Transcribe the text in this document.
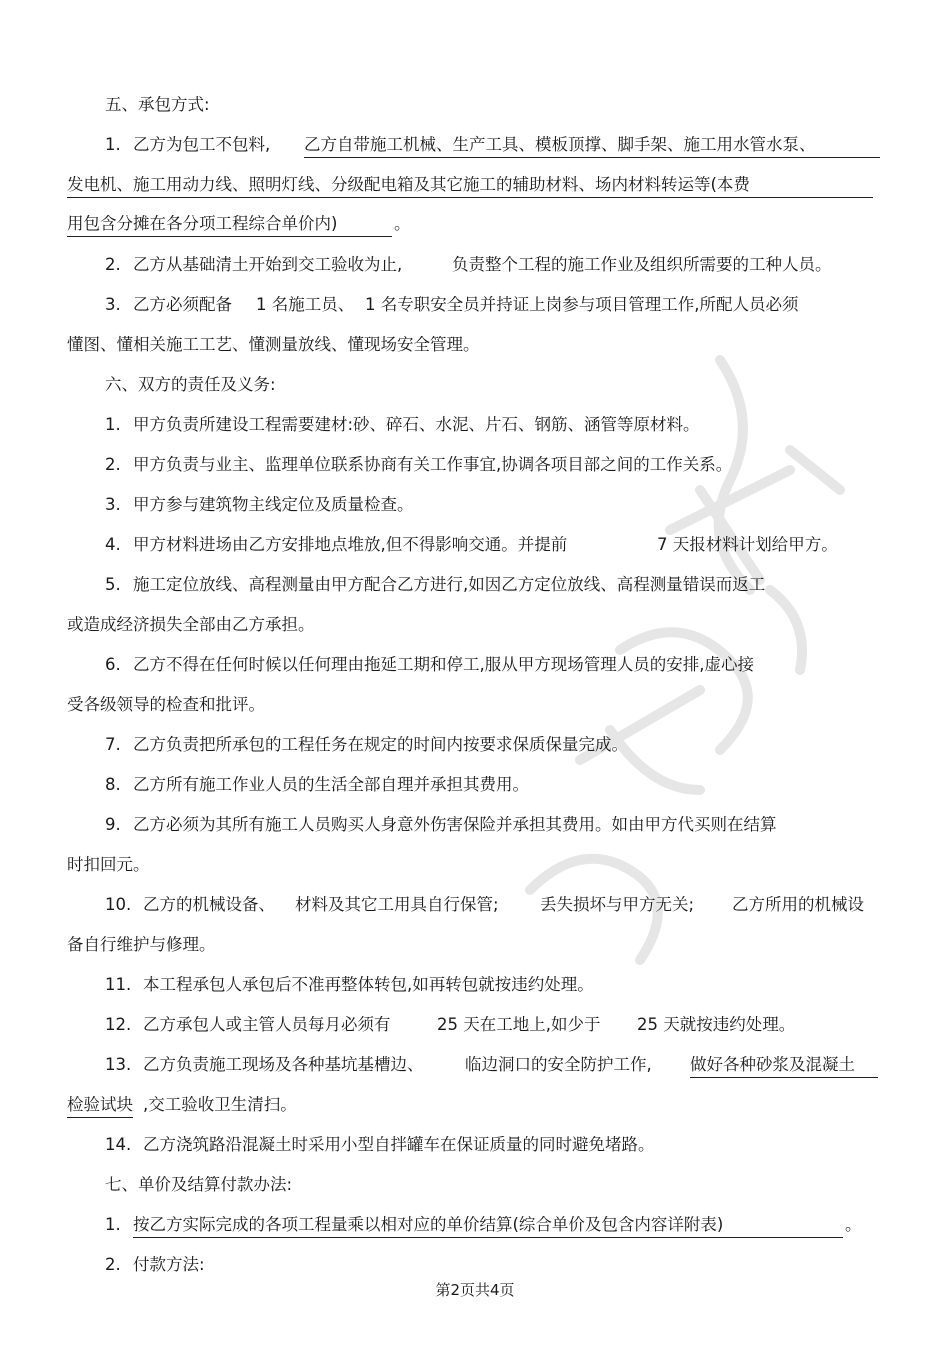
五、承包方式:
1. 乙方为包工不包料, 乙方自带施工机械、生产工具、模板顶撑、脚手架、施工用水管水泵、
发电机、施工用动力线、照明灯线、分级配电箱及其它施工的辅助材料、场内材料转运等(本费
用包含分摊在各分项工程综合单价内)	。
2. 乙方从基础清土开始到交工验收为止,	负责整个工程的施工作业及组织所需要的工种人员。
3. 乙方必须配备 1 名施工员、 1 名专职安全员并持证上岗参与项目管理工作,所配人员必须
懂图、懂相关施工工艺、懂测量放线、懂现场安全管理。
六、双方的责任及义务:
1. 甲方负责所建设工程需要建材:砂、碎石、水泥、片石、钢筋、涵管等原材料。
2. 甲方负责与业主、监理单位联系协商有关工作事宜,协调各项目部之间的工作关系。
3. 甲方参与建筑物主线定位及质量检查。
4. 甲方材料进场由乙方安排地点堆放,但不得影响交通。并提前	7 天报材料计划给甲方。
5. 施工定位放线、高程测量由甲方配合乙方进行,如因乙方定位放线、高程测量错误而返工
或造成经济损失全部由乙方承担。
6. 乙方不得在任何时候以任何理由拖延工期和停工,服从甲方现场管理人员的安排,虚心接
受各级领导的检查和批评。
7. 乙方负责把所承包的工程任务在规定的时间内按要求保质保量完成。
8. 乙方所有施工作业人员的生活全部自理并承担其费用。
9. 乙方必须为其所有施工人员购买人身意外伤害保险并承担其费用。如由甲方代买则在结算
时扣回元。
10. 乙方的机械设备、 材料及其它工用具自行保管;	丢失损坏与甲方无关; 乙方所用的机械设
备自行维护与修理。
11. 本工程承包人承包后不准再整体转包,如再转包就按违约处理。
12. 乙方承包人或主管人员每月必须有	25 天在工地上,如少于 25 天就按违约处理。
13. 乙方负责施工现场及各种基坑基槽边、	临边洞口的安全防护工作, 做好各种砂浆及混凝土
检验试块 ,交工验收卫生清扫。
14. 乙方浇筑路沿混凝土时采用小型自拌罐车在保证质量的同时避免堵路。
七、单价及结算付款办法:
1. 按乙方实际完成的各项工程量乘以相对应的单价结算(综合单价及包含内容详附表)	。
2. 付款方法:
第2页共4页
